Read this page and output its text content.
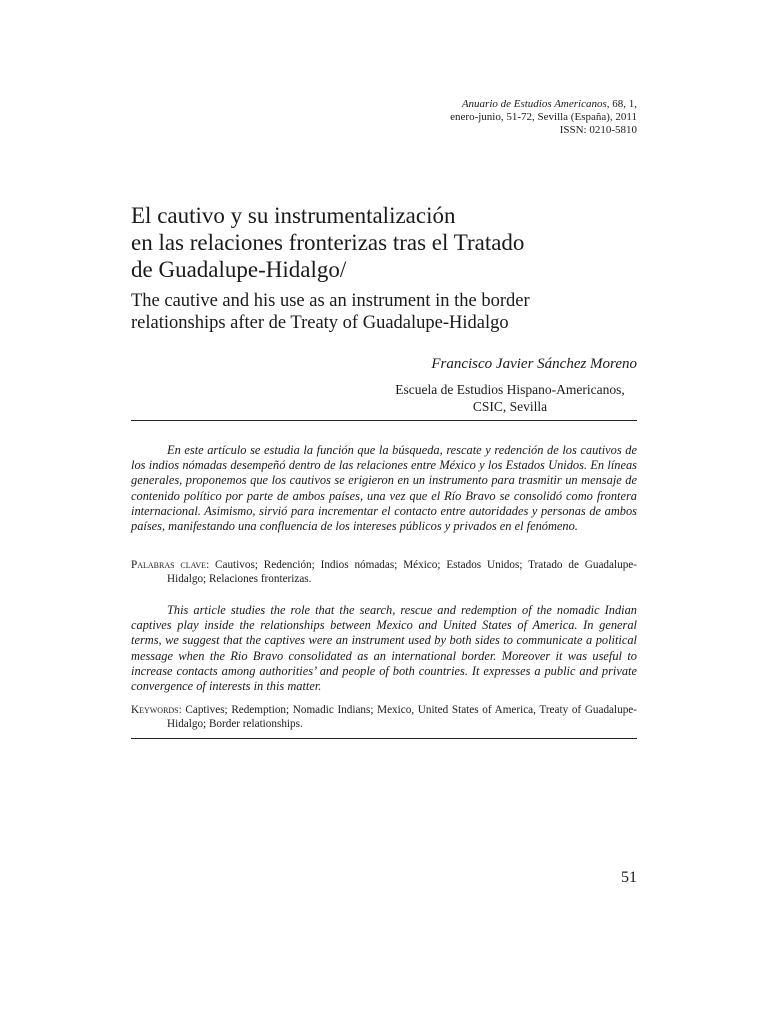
Anuario de Estudios Americanos, 68, 1,
enero-junio, 51-72, Sevilla (España), 2011
ISSN: 0210-5810
El cautivo y su instrumentalización
en las relaciones fronterizas tras el Tratado
de Guadalupe-Hidalgo/
The cautive and his use as an instrument in the border
relationships after de Treaty of Guadalupe-Hidalgo
Francisco Javier Sánchez Moreno
Escuela de Estudios Hispano-Americanos,
CSIC, Sevilla

En este artículo se estudia la función que la búsqueda, rescate y redención de los cautivos de los indios nómadas desempeñó dentro de las relaciones entre México y los Estados Unidos. En líneas generales, proponemos que los cautivos se erigieron en un instrumento para trasmitir un mensaje de contenido político por parte de ambos países, una vez que el Río Bravo se consolidó como frontera internacional. Asimismo, sirvió para incrementar el contacto entre autoridades y personas de ambos países, manifestando una confluencia de los intereses públicos y privados en el fenómeno.

Palabras clave: Cautivos; Redención; Indios nómadas; México; Estados Unidos; Tratado de Guadalupe-Hidalgo; Relaciones fronterizas.

This article studies the role that the search, rescue and redemption of the nomadic Indian captives play inside the relationships between Mexico and United States of America. In general terms, we suggest that the captives were an instrument used by both sides to communicate a political message when the Rio Bravo consolidated as an international border. Moreover it was useful to increase contacts among authorities’ and people of both countries. It expresses a public and private convergence of interests in this matter.

Keywords: Captives; Redemption; Nomadic Indians; Mexico, United States of America, Treaty of Guadalupe-Hidalgo; Border relationships.

51
